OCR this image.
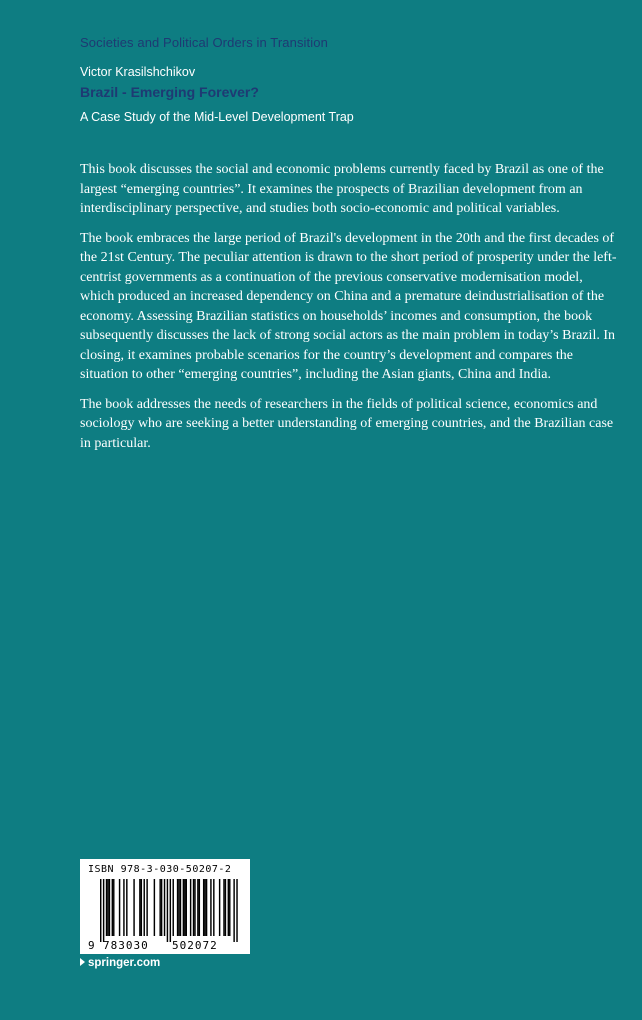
Societies and Political Orders in Transition
Victor Krasilshchikov
Brazil - Emerging Forever?
A Case Study of the Mid-Level Development Trap

This book discusses the social and economic problems currently faced by Brazil as one of the largest “emerging countries”. It examines the prospects of Brazilian development from an interdisciplinary perspective, and studies both socio-economic and political variables.

The book embraces the large period of Brazil's development in the 20th and the first decades of the 21st Century. The peculiar attention is drawn to the short period of prosperity under the left-centrist governments as a continuation of the previous conservative modernisation model, which produced an increased dependency on China and a premature deindustrialisation of the economy. Assessing Brazilian statistics on households’ incomes and consumption, the book subsequently discusses the lack of strong social actors as the main problem in today’s Brazil. In closing, it examines probable scenarios for the country’s development and compares the situation to other “emerging countries”, including the Asian giants, China and India.

The book addresses the needs of researchers in the fields of political science, economics and sociology who are seeking a better understanding of emerging countries, and the Brazilian case in particular.

ISBN 978-3-030-50207-2
9 783030 502072
springer.com
